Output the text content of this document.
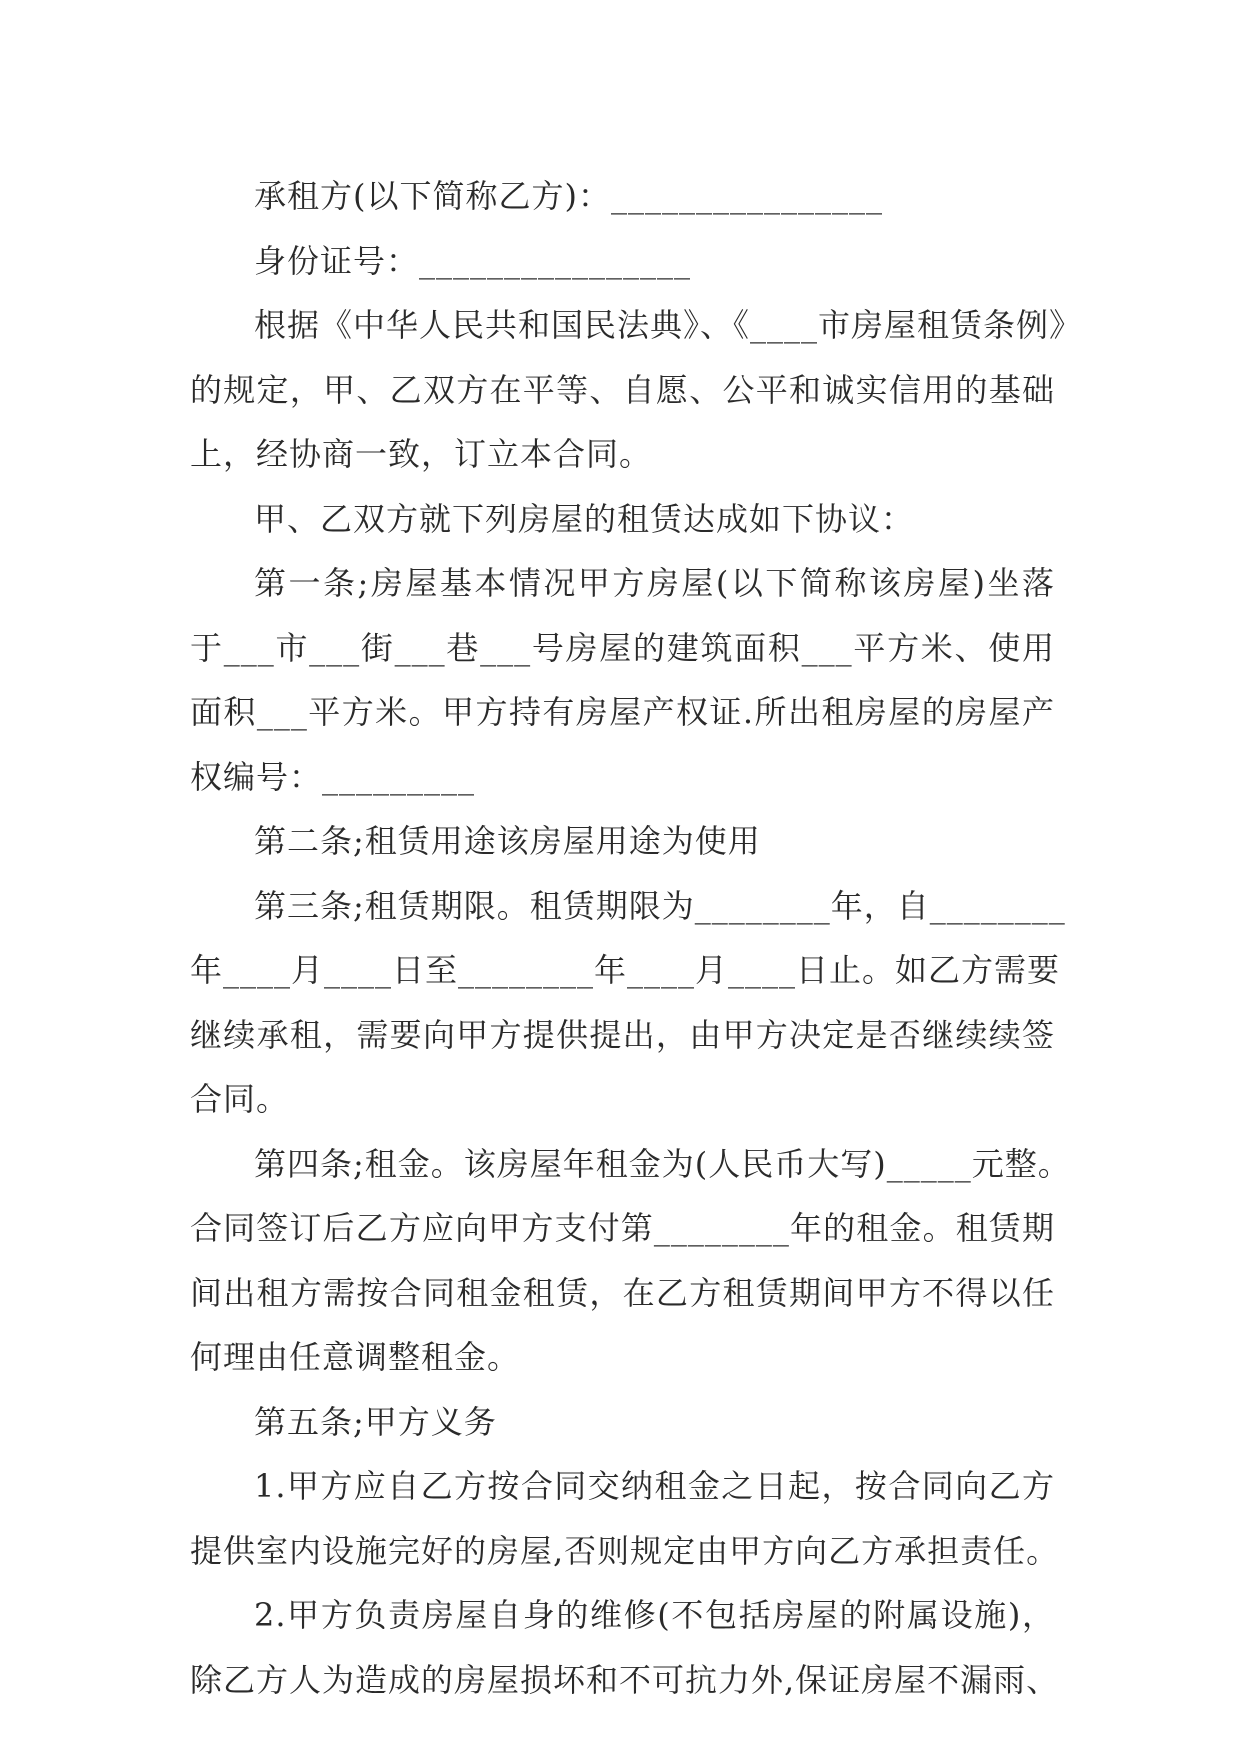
承租方(以下简称乙方)：________________
身份证号：________________
根据《中华人民共和国民法典》、《____市房屋租赁条例》
的规定，甲、乙双方在平等、自愿、公平和诚实信用的基础
上，经协商一致，订立本合同。
甲、乙双方就下列房屋的租赁达成如下协议：
第一条;房屋基本情况甲方房屋(以下简称该房屋)坐落
于___市___街___巷___号房屋的建筑面积___平方米、使用
面积___平方米。甲方持有房屋产权证.所出租房屋的房屋产
权编号：_________
第二条;租赁用途该房屋用途为使用
第三条;租赁期限。租赁期限为________年，自________
年____月____日至________年____月____日止。如乙方需要
继续承租，需要向甲方提供提出，由甲方决定是否继续续签
合同。
第四条;租金。该房屋年租金为(人民币大写)_____元整。
合同签订后乙方应向甲方支付第________年的租金。租赁期
间出租方需按合同租金租赁，在乙方租赁期间甲方不得以任
何理由任意调整租金。
第五条;甲方义务
1.甲方应自乙方按合同交纳租金之日起，按合同向乙方
提供室内设施完好的房屋,否则规定由甲方向乙方承担责任。
2.甲方负责房屋自身的维修(不包括房屋的附属设施)，
除乙方人为造成的房屋损坏和不可抗力外,保证房屋不漏雨、
